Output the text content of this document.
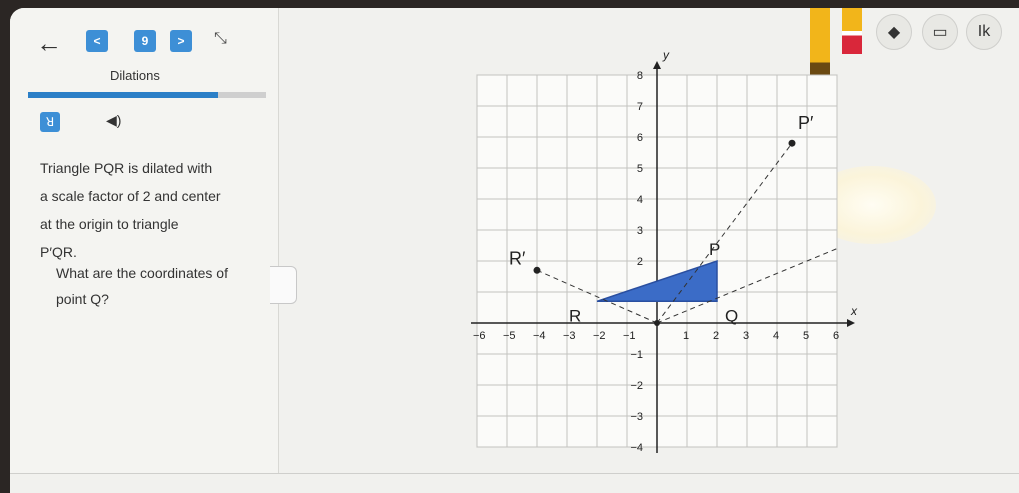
←	<	9	>	⤡
Dilations
ꓤ	◀)
Triangle PQR is dilated with
a scale factor of 2 and center
at the origin to triangle
P′QR.
What are the coordinates of
point Q?
◆	▭	Ik
x
y
−6 −5 −4 −3 −2 −1	1 2 3 4 5 6
8
7
6
5
4
3
2
−1
−2
−3
−4
P
Q
R
P′
R′
